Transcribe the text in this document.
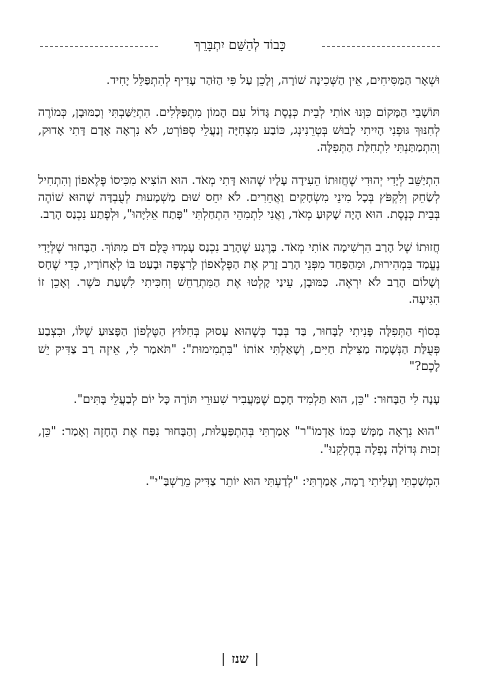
כָּבוֹד לְהַשֵּׁם יִתְבָּרֵךְ

וּשְׁאָר הַמַּסִּיחִים, אֵין הַשְּׁכִינָה שׁוֹרָה, וְלָכֵן עַל פִּי הַזֹּהַר עָדִיף לְהִתְפַּלֵּל יָחִיד.

תּוֹשָׁבֵי הַמָּקוֹם כִּוְּנוּ אוֹתִי לְבֵית כְּנֶסֶת גָּדוֹל עִם הָמוֹן מִתְפַּלְּלִים. הִתְיַשַּׁבְתִּי וְכַמּוּבָן, כְּמוֹרֶה לְחִנּוּךְ גּוּפְנִי הָיִיתִי לָבוּשׁ בְּטְרֵנִינְג, כּוֹבַע מִצְחִיָּה וְנַעֲלֵי סְפּוֹרְט, לֹא נִרְאָה אָדָם דָּתִי אָדוּק, וְהִתְמַתַּנְתִּי לִתְחִלַּת הַתְּפִלָּה.

הִתְיַשֵּׁב לְיָדִי יְהוּדִי שֶׁחֲזוּתוֹ הֵעִידָה עָלָיו שֶׁהוּא דָּתִי מְאֹד. הוּא הוֹצִיא מִכִּיסוֹ פֶּלֶאפוֹן וְהִתְחִיל לְשַׂחֵק וְלִקְפֹּץ בְּכָל מִינֵי מִשְׂחָקִים וַאֲחֵרִים. לֹא יִחֵס שׁוּם מַשְׁמָעוּת לְעֻבְדָּה שֶׁהוּא שׁוֹהֶה בְּבֵית כְּנֶסֶת. הוּא הָיָה שָׁקוּעַ מְאֹד, וַאֲנִי לִתְמִהֵי הִתְחַלְתִּי "פָּתַח אֵלִיָּהוּ", וּלְפֶתַע נִכְנַס הָרַב.

חֲזוּתוֹ שֶׁל הָרַב הִרְשִׁימָה אוֹתִי מְאֹד. בָּרֶגַע שֶׁהָרַב נִכְנַס עָמְדוּ כֻּלָּם דֹּם מִתּוֹךְ. הַבָּחוּר שֶׁלְּיָדִי נֶעֱמַד בִּמְהִירוּת, וּמֵהַפַּחַד מִפְּנֵי הָרַב זָרַק אֶת הַפֶּלֶאפוֹן לָרִצְפָּה וּבָעַט בּוֹ לְאָחוֹרָיו, כְּדֵי שֶׁחָס וְשָׁלוֹם הָרַב לֹא יִרְאֶה. כַּמּוּבָן, עֵינַי קָלְטוּ אֶת הַמִּתְרַחֵשׁ וְחִכִּיתִי לִשְׁעַת כֹּשֶׁר. וְאָכֵן זוֹ הִגִּיעָה.

בְּסוֹף הַתְּפִלָּה פָּנִיתִי לַבָּחוּר, בַּד בְּבַד כְּשֶׁהוּא עָסוּק בְּחִלּוּץ הַטֶּלֶפוֹן הַפָּצוּעַ שֶׁלּוֹ, וּבִצְבַע פְּעֻלַּת הַנְּשָׁמָה מַצִּילַת חַיִּים, וְשָׁאַלְתִּי אוֹתוֹ "בִּתְמִימוּת": "תֹּאמַר לִי, אֵיזֶה רַב צַדִּיק יֵשׁ לָכֶם?"

עָנָה לִי הַבָּחוּר: "כֵּן, הוּא תַּלְמִיד חָכָם שֶׁמַּעֲבִיר שִׁעוּרֵי תּוֹרָה כָּל יוֹם לְבַעֲלֵי בָּתִּים".

"הוּא נִרְאָה מַמָּשׁ כְּמוֹ אַדְמוֹ"ר" אָמַרְתִּי בְּהִתְפַּעֲלוּת, וְהַבָּחוּר נִפַּח אֶת הֶחָזֶה וְאָמַר: "כֵּן, זְכוּת גְּדוֹלָה נָפְלָה בְּחֶלְקֵנוּ".

הִמְשַׁכְתִּי וְעָלִיתִי רָמָה, אָמַרְתִּי: "לְדַעְתִּי הוּא יוֹתֵר צַדִּיק מֵרַשְׁבַּ"י".

|שנז|
